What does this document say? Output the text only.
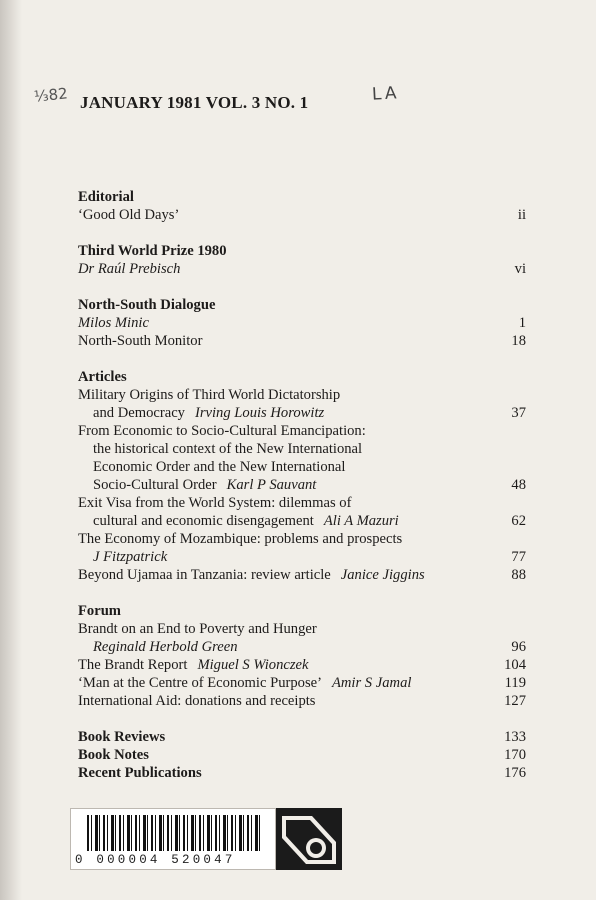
⅓82 JANUARY 1981 VOL. 3 NO. 1	LA
Editorial
‘Good Old Days’	ii
Third World Prize 1980
Dr Raúl Prebisch	vi
North-South Dialogue
Milos Minic	1
North-South Monitor	18
Articles
Military Origins of Third World Dictatorship
and Democracy Irving Louis Horowitz	37
From Economic to Socio-Cultural Emancipation:
the historical context of the New International
Economic Order and the New International
Socio-Cultural Order Karl P Sauvant	48
Exit Visa from the World System: dilemmas of
cultural and economic disengagement Ali A Mazuri	62
The Economy of Mozambique: problems and prospects
J Fitzpatrick	77
Beyond Ujamaa in Tanzania: review article Janice Jiggins	88
Forum
Brandt on an End to Poverty and Hunger
Reginald Herbold Green	96
The Brandt Report Miguel S Wionczek	104
‘Man at the Centre of Economic Purpose’ Amir S Jamal	119
International Aid: donations and receipts	127
Book Reviews	133
Book Notes	170
Recent Publications	176
0 000004 520047
